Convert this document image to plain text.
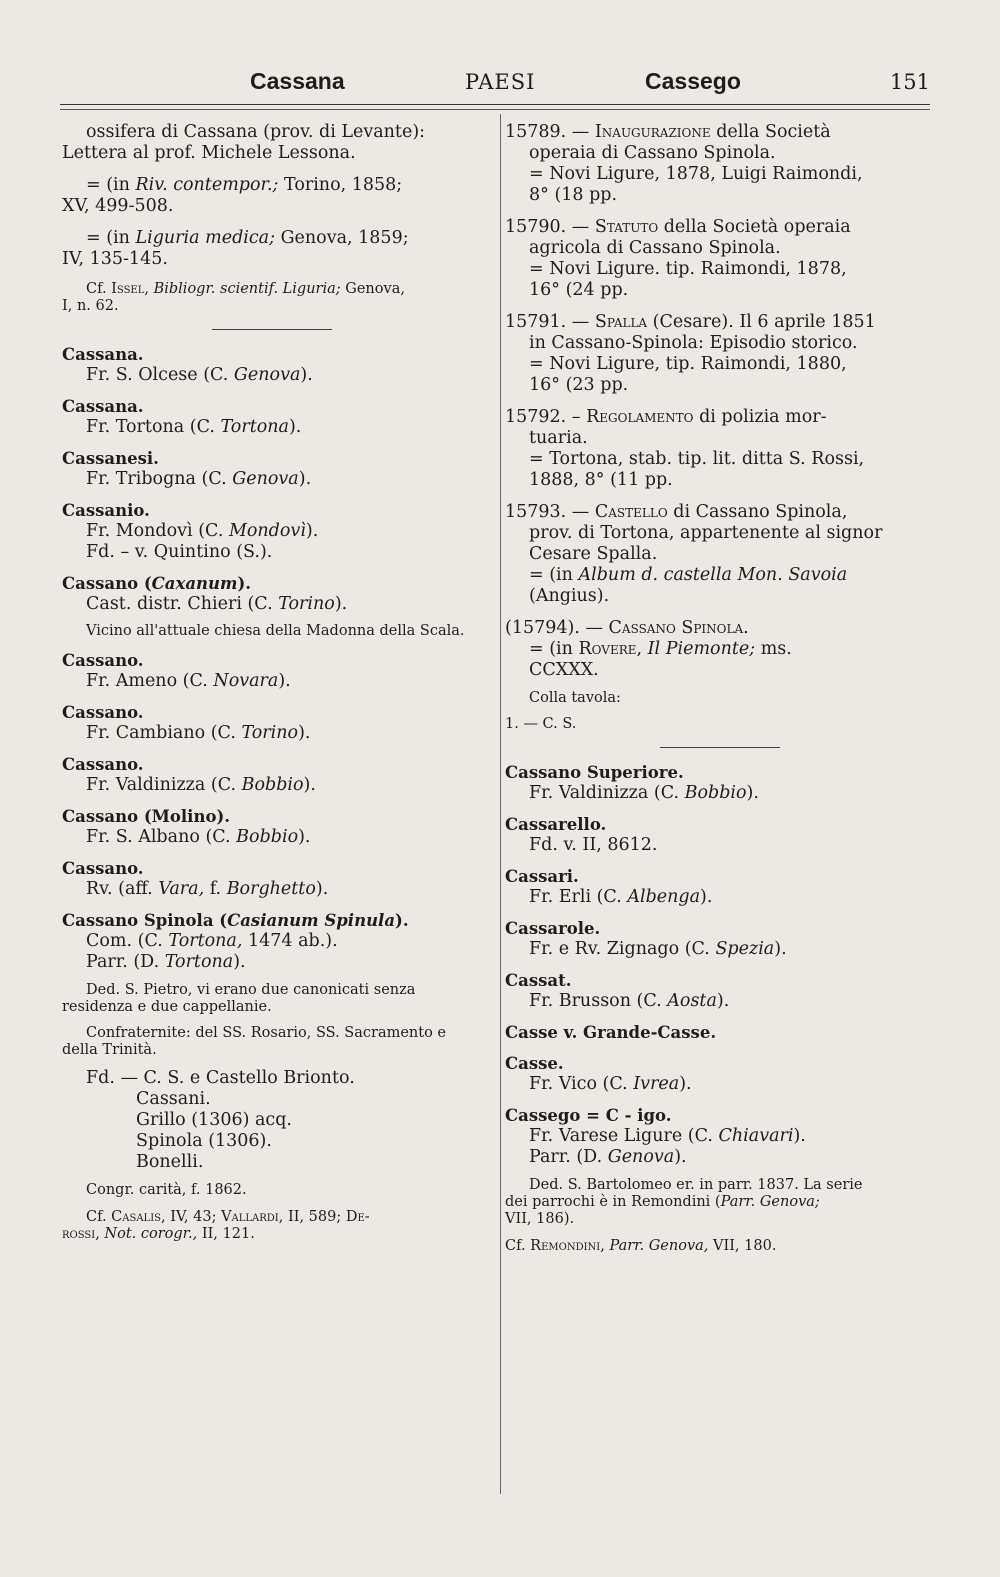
Cassana	PAESI	Cassego	151

ossifera di Cassana (prov. di Levante):

Lettera al prof. Michele Lessona.

= (in Riv. contempor.; Torino, 1858;

XV, 499-508.

= (in Liguria medica; Genova, 1859;

IV, 135-145.

Cf. Issel, Bibliogr. scientif. Liguria; Genova,

I, n. 62.

Cassana.

Fr. S. Olcese (C. Genova).

Cassana.

Fr. Tortona (C. Tortona).

Cassanesi.

Fr. Tribogna (C. Genova).

Cassanio.

Fr. Mondovì (C. Mondovì).

Fd. – v. Quintino (S.).

Cassano (Caxanum).

Cast. distr. Chieri (C. Torino).

Vicino all'attuale chiesa della Madonna della Scala.

Cassano.

Fr. Ameno (C. Novara).

Cassano.

Fr. Cambiano (C. Torino).

Cassano.

Fr. Valdinizza (C. Bobbio).

Cassano (Molino).

Fr. S. Albano (C. Bobbio).

Cassano.

Rv. (aff. Vara, f. Borghetto).

Cassano Spinola (Casianum Spinula).

Com. (C. Tortona, 1474 ab.).

Parr. (D. Tortona).

Ded. S. Pietro, vi erano due canonicati senza residenza e due cappellanie.

Confraternite: del SS. Rosario, SS. Sacramento e della Trinità.

Fd. — C. S. e Castello Brionto.

Cassani.

Grillo (1306) acq.

Spinola (1306).

Bonelli.

Congr. carità, f. 1862.

Cf. Casalis, IV, 43; Vallardi, II, 589; De-

rossi, Not. corogr., II, 121.

15789. — Inaugurazione della Società

operaia di Cassano Spinola.

= Novi Ligure, 1878, Luigi Raimondi,

8° (18 pp.

15790. — Statuto della Società operaia

agricola di Cassano Spinola.

= Novi Ligure. tip. Raimondi, 1878,

16° (24 pp.

15791. — Spalla (Cesare). Il 6 aprile 1851

in Cassano-Spinola: Episodio storico.

= Novi Ligure, tip. Raimondi, 1880,

16° (23 pp.

15792. – Regolamento di polizia mor-

tuaria.

= Tortona, stab. tip. lit. ditta S. Rossi,

1888, 8° (11 pp.

15793. — Castello di Cassano Spinola,

prov. di Tortona, appartenente al signor

Cesare Spalla.

= (in Album d. castella Mon. Savoia

(Angius).

(15794). — Cassano Spinola.

= (in Rovere, Il Piemonte; ms.

CCXXX.

Colla tavola:

1. — C. S.

Cassano Superiore.

Fr. Valdinizza (C. Bobbio).

Cassarello.

Fd. v. II, 8612.

Cassari.

Fr. Erli (C. Albenga).

Cassarole.

Fr. e Rv. Zignago (C. Spezia).

Cassat.

Fr. Brusson (C. Aosta).

Casse v. Grande-Casse.

Casse.

Fr. Vico (C. Ivrea).

Cassego = C - igo.

Fr. Varese Ligure (C. Chiavari).

Parr. (D. Genova).

Ded. S. Bartolomeo er. in parr. 1837. La serie

dei parrochi è in Remondini (Parr. Genova;

VII, 186).

Cf. Remondini, Parr. Genova, VII, 180.
